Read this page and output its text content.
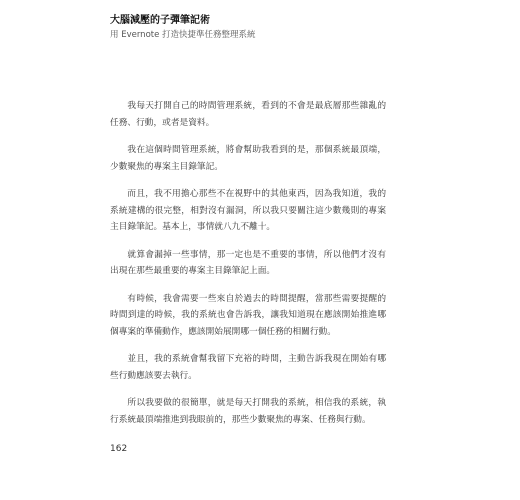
大腦減壓的子彈筆記術

用 Evernote 打造快捷準任務整理系統

我每天打開自己的時間管理系統，看到的不會是最底層那些雜亂的任務、行動，或者是資料。

我在這個時間管理系統，將會幫助我看到的是，那個系統最頂端，少數聚焦的專案主目錄筆記。

而且，我不用擔心那些不在視野中的其他東西，因為我知道，我的系統建構的很完整，相對沒有漏洞，所以我只要關注這少數幾則的專案主目錄筆記。基本上，事情就八九不離十。

就算會漏掉一些事情，那一定也是不重要的事情，所以他們才沒有出現在那些最重要的專案主目錄筆記上面。

有時候，我會需要一些來自於過去的時間提醒，當那些需要提醒的時間到達的時候，我的系統也會告訴我，讓我知道現在應該開始推進哪個專案的準備動作，應該開始展開哪一個任務的相關行動。

並且，我的系統會幫我留下充裕的時間，主動告訴我現在開始有哪些行動應該要去執行。

所以我要做的很簡單，就是每天打開我的系統，相信我的系統，執行系統最頂端推進到我眼前的，那些少數聚焦的專案、任務與行動。

162
